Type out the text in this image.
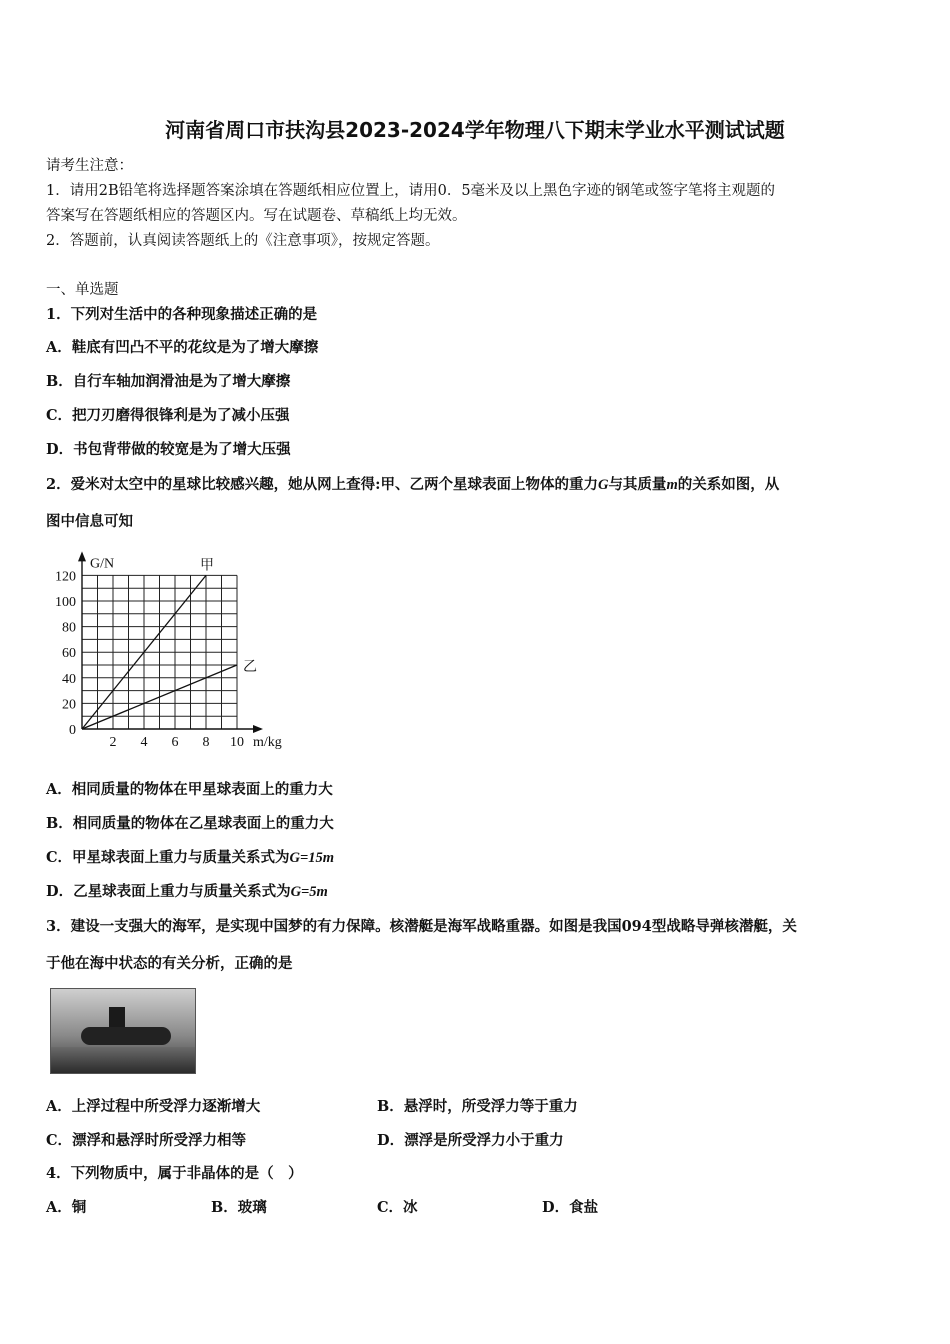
河南省周口市扶沟县2023-2024学年物理八下期末学业水平测试试题
请考生注意：
1．请用2B铅笔将选择题答案涂填在答题纸相应位置上，请用0．5毫米及以上黑色字迹的钢笔或签字笔将主观题的
答案写在答题纸相应的答题区内。写在试题卷、草稿纸上均无效。
2．答题前，认真阅读答题纸上的《注意事项》，按规定答题。
一、单选题
1．下列对生活中的各种现象描述正确的是
A．鞋底有凹凸不平的花纹是为了增大摩擦
B．自行车轴加润滑油是为了增大摩擦
C．把刀刃磨得很锋利是为了减小压强
D．书包背带做的较宽是为了增大压强
2．爱米对太空中的星球比较感兴趣，她从网上查得:甲、乙两个星球表面上物体的重力G与其质量m的关系如图，从
图中信息可知
G/N
m/kg
120
100
80
60
40
20
0
2 4 6 8 10
甲
乙
A．相同质量的物体在甲星球表面上的重力大
B．相同质量的物体在乙星球表面上的重力大
C．甲星球表面上重力与质量关系式为G=15m
D．乙星球表面上重力与质量关系式为G=5m
3．建设一支强大的海军，是实现中国梦的有力保障。核潜艇是海军战略重器。如图是我国094型战略导弹核潜艇，关
于他在海中状态的有关分析，正确的是
A．上浮过程中所受浮力逐渐增大	B．悬浮时，所受浮力等于重力
C．漂浮和悬浮时所受浮力相等	D．漂浮是所受浮力小于重力
4．下列物质中，属于非晶体的是（　）
A．铜	B．玻璃	C．冰	D．食盐
